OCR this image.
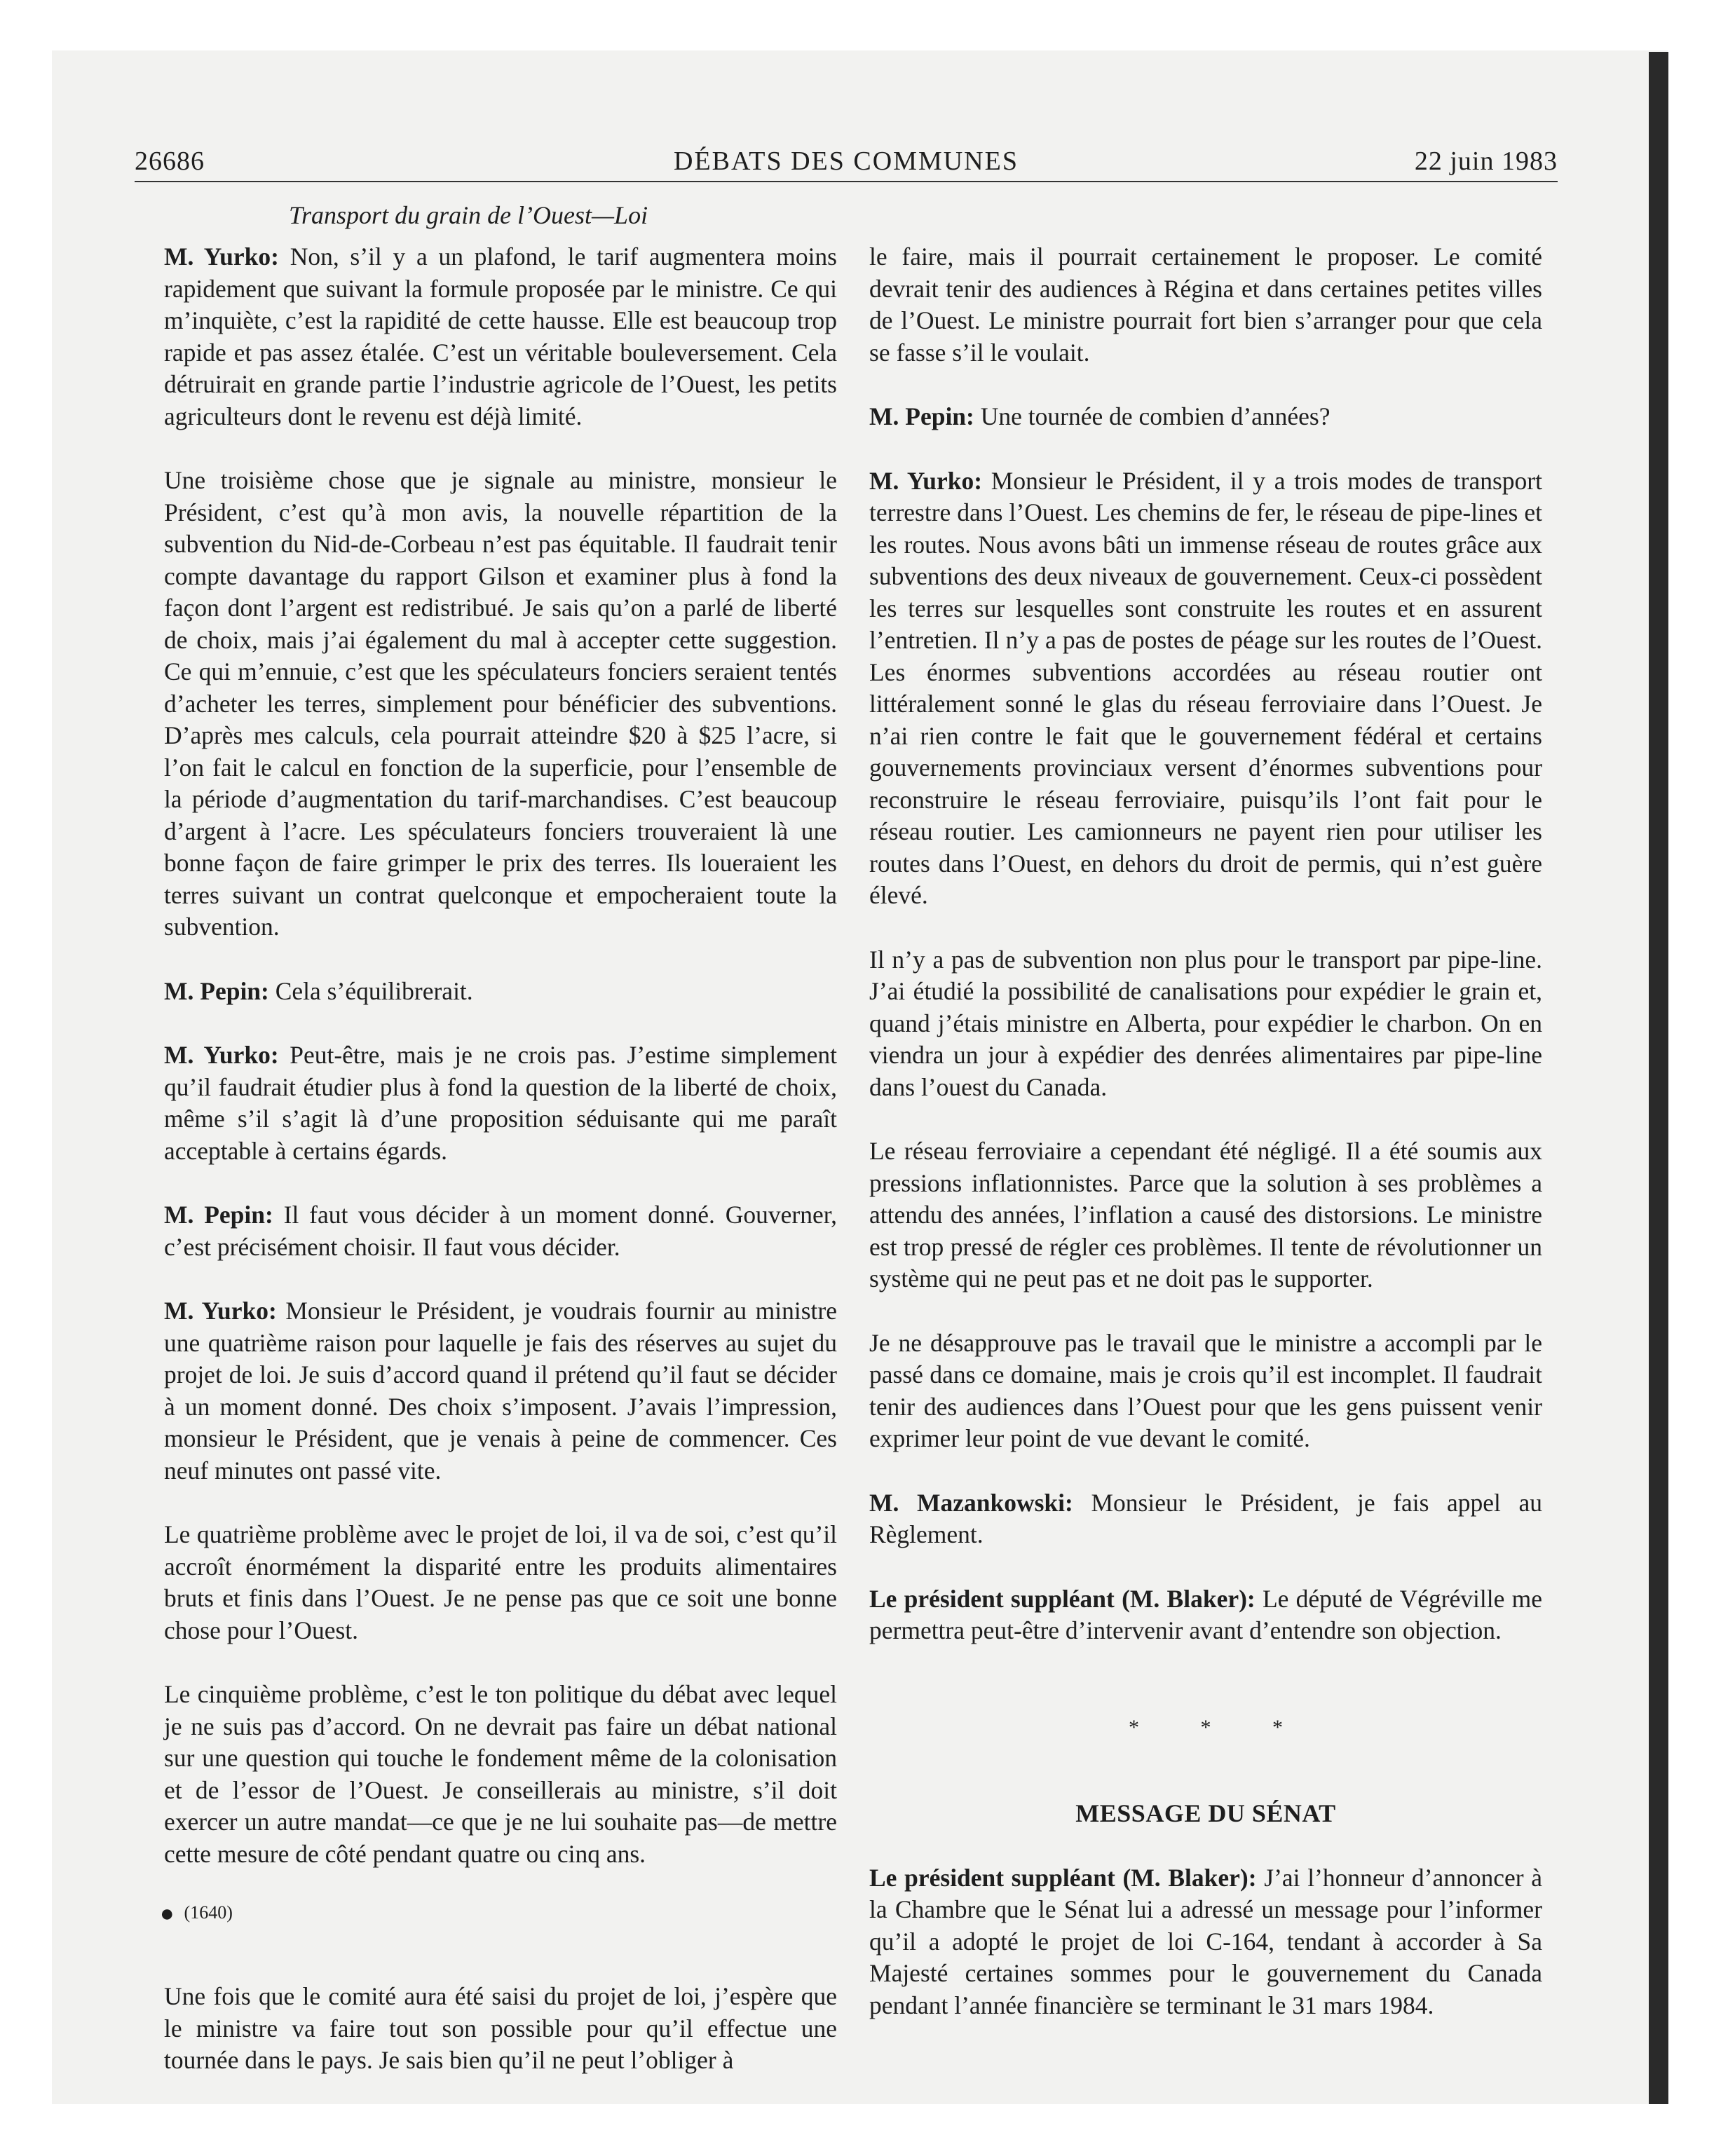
DÉBATS DES COMMUNES
26686	22 juin 1983
Transport du grain de l’Ouest—Loi

M. Yurko: Non, s’il y a un plafond, le tarif augmentera moins rapidement que suivant la formule proposée par le ministre. Ce qui m’inquiète, c’est la rapidité de cette hausse. Elle est beaucoup trop rapide et pas assez étalée. C’est un véritable bouleversement. Cela détruirait en grande partie l’industrie agricole de l’Ouest, les petits agriculteurs dont le revenu est déjà limité.

Une troisième chose que je signale au ministre, monsieur le Président, c’est qu’à mon avis, la nouvelle répartition de la subvention du Nid-de-Corbeau n’est pas équitable. Il faudrait tenir compte davantage du rapport Gilson et examiner plus à fond la façon dont l’argent est redistribué. Je sais qu’on a parlé de liberté de choix, mais j’ai également du mal à accepter cette suggestion. Ce qui m’ennuie, c’est que les spéculateurs fonciers seraient tentés d’acheter les terres, simplement pour bénéficier des subventions. D’après mes calculs, cela pourrait atteindre $20 à $25 l’acre, si l’on fait le calcul en fonction de la superficie, pour l’ensemble de la période d’augmentation du tarif-marchandises. C’est beaucoup d’argent à l’acre. Les spéculateurs fonciers trouveraient là une bonne façon de faire grimper le prix des terres. Ils loueraient les terres suivant un contrat quelconque et empocheraient toute la subvention.

M. Pepin: Cela s’équilibrerait.

M. Yurko: Peut-être, mais je ne crois pas. J’estime simplement qu’il faudrait étudier plus à fond la question de la liberté de choix, même s’il s’agit là d’une proposition séduisante qui me paraît acceptable à certains égards.

M. Pepin: Il faut vous décider à un moment donné. Gouverner, c’est précisément choisir. Il faut vous décider.

M. Yurko: Monsieur le Président, je voudrais fournir au ministre une quatrième raison pour laquelle je fais des réserves au sujet du projet de loi. Je suis d’accord quand il prétend qu’il faut se décider à un moment donné. Des choix s’imposent. J’avais l’impression, monsieur le Président, que je venais à peine de commencer. Ces neuf minutes ont passé vite.

Le quatrième problème avec le projet de loi, il va de soi, c’est qu’il accroît énormément la disparité entre les produits alimentaires bruts et finis dans l’Ouest. Je ne pense pas que ce soit une bonne chose pour l’Ouest.

Le cinquième problème, c’est le ton politique du débat avec lequel je ne suis pas d’accord. On ne devrait pas faire un débat national sur une question qui touche le fondement même de la colonisation et de l’essor de l’Ouest. Je conseillerais au ministre, s’il doit exercer un autre mandat—ce que je ne lui souhaite pas—de mettre cette mesure de côté pendant quatre ou cinq ans.

● (1640)

Une fois que le comité aura été saisi du projet de loi, j’espère que le ministre va faire tout son possible pour qu’il effectue une tournée dans le pays. Je sais bien qu’il ne peut l’obliger à

le faire, mais il pourrait certainement le proposer. Le comité devrait tenir des audiences à Régina et dans certaines petites villes de l’Ouest. Le ministre pourrait fort bien s’arranger pour que cela se fasse s’il le voulait.

M. Pepin: Une tournée de combien d’années?

M. Yurko: Monsieur le Président, il y a trois modes de transport terrestre dans l’Ouest. Les chemins de fer, le réseau de pipe-lines et les routes. Nous avons bâti un immense réseau de routes grâce aux subventions des deux niveaux de gouvernement. Ceux-ci possèdent les terres sur lesquelles sont construite les routes et en assurent l’entretien. Il n’y a pas de postes de péage sur les routes de l’Ouest. Les énormes subventions accordées au réseau routier ont littéralement sonné le glas du réseau ferroviaire dans l’Ouest. Je n’ai rien contre le fait que le gouvernement fédéral et certains gouvernements provinciaux versent d’énormes subventions pour reconstruire le réseau ferroviaire, puisqu’ils l’ont fait pour le réseau routier. Les camionneurs ne payent rien pour utiliser les routes dans l’Ouest, en dehors du droit de permis, qui n’est guère élevé.

Il n’y a pas de subvention non plus pour le transport par pipe-line. J’ai étudié la possibilité de canalisations pour expédier le grain et, quand j’étais ministre en Alberta, pour expédier le charbon. On en viendra un jour à expédier des denrées alimentaires par pipe-line dans l’ouest du Canada.

Le réseau ferroviaire a cependant été négligé. Il a été soumis aux pressions inflationnistes. Parce que la solution à ses problèmes a attendu des années, l’inflation a causé des distorsions. Le ministre est trop pressé de régler ces problèmes. Il tente de révolutionner un système qui ne peut pas et ne doit pas le supporter.

Je ne désapprouve pas le travail que le ministre a accompli par le passé dans ce domaine, mais je crois qu’il est incomplet. Il faudrait tenir des audiences dans l’Ouest pour que les gens puissent venir exprimer leur point de vue devant le comité.

M. Mazankowski: Monsieur le Président, je fais appel au Règlement.

Le président suppléant (M. Blaker): Le député de Végréville me permettra peut-être d’intervenir avant d’entendre son objection.

* * *
MESSAGE DU SÉNAT

Le président suppléant (M. Blaker): J’ai l’honneur d’annoncer à la Chambre que le Sénat lui a adressé un message pour l’informer qu’il a adopté le projet de loi C-164, tendant à accorder à Sa Majesté certaines sommes pour le gouvernement du Canada pendant l’année financière se terminant le 31 mars 1984.
